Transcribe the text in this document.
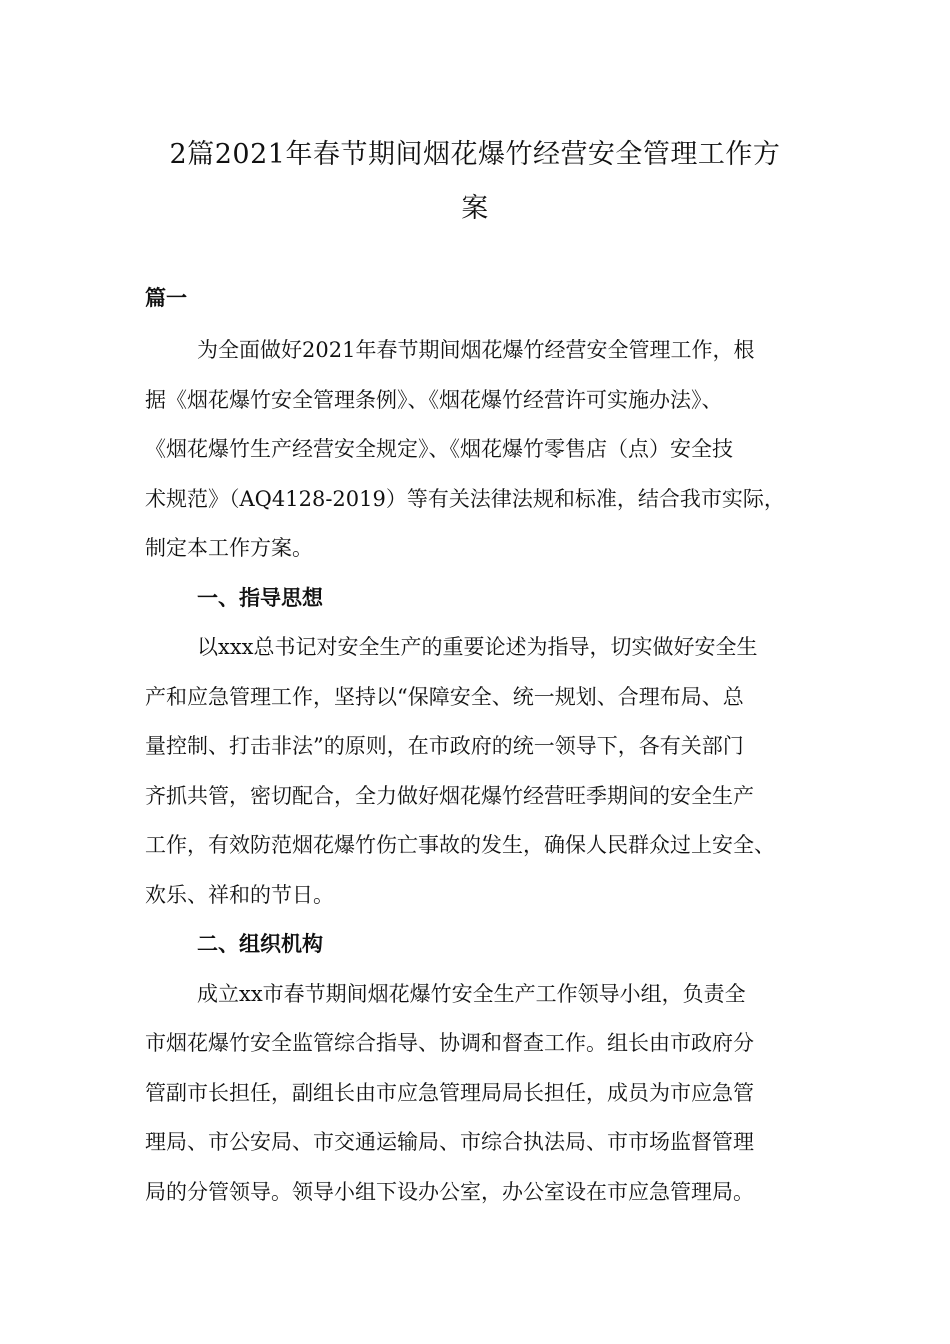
2篇2021年春节期间烟花爆竹经营安全管理工作方
案
篇一

为全面做好2021年春节期间烟花爆竹经营安全管理工作，根
据《烟花爆竹安全管理条例》、《烟花爆竹经营许可实施办法》、
《烟花爆竹生产经营安全规定》、《烟花爆竹零售店（点）安全技
术规范》（AQ4128-2019）等有关法律法规和标准，结合我市实际，
制定本工作方案。

一、指导思想

以xxx总书记对安全生产的重要论述为指导，切实做好安全生
产和应急管理工作，坚持以“保障安全、统一规划、合理布局、总
量控制、打击非法”的原则，在市政府的统一领导下，各有关部门
齐抓共管，密切配合，全力做好烟花爆竹经营旺季期间的安全生产
工作，有效防范烟花爆竹伤亡事故的发生，确保人民群众过上安全、
欢乐、祥和的节日。

二、组织机构

成立xx市春节期间烟花爆竹安全生产工作领导小组，负责全
市烟花爆竹安全监管综合指导、协调和督查工作。组长由市政府分
管副市长担任，副组长由市应急管理局局长担任，成员为市应急管
理局、市公安局、市交通运输局、市综合执法局、市市场监督管理
局的分管领导。领导小组下设办公室，办公室设在市应急管理局。
